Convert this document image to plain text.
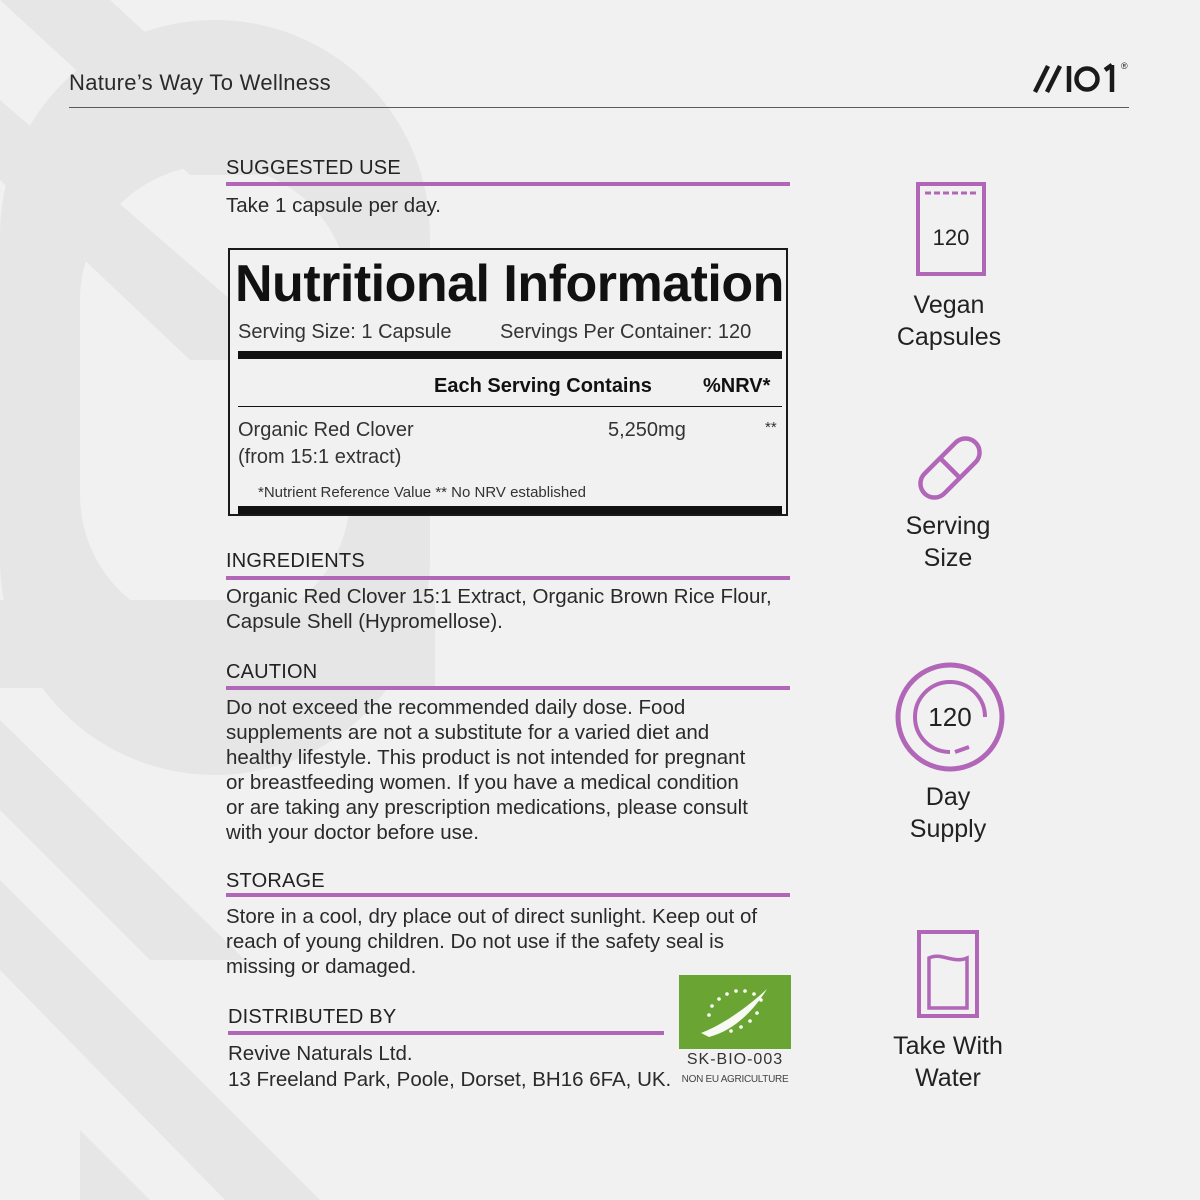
Nature’s Way To Wellness
®
SUGGESTED USE
Take 1 capsule per day.
Nutritional Information
Serving Size: 1 Capsule Servings Per Container: 120
Each Serving Contains	%NRV*
Organic Red Clover
(from 15:1 extract)
5,250mg	**
*Nutrient Reference Value ** No NRV established
INGREDIENTS
Organic Red Clover 15:1 Extract, Organic Brown Rice Flour,
Capsule Shell (Hypromellose).
CAUTION
Do not exceed the recommended daily dose. Food
supplements are not a substitute for a varied diet and
healthy lifestyle. This product is not intended for pregnant
or breastfeeding women. If you have a medical condition
or are taking any prescription medications, please consult
with your doctor before use.
STORAGE
Store in a cool, dry place out of direct sunlight. Keep out of
reach of young children. Do not use if the safety seal is
missing or damaged.
DISTRIBUTED BY
Revive Naturals Ltd.
13 Freeland Park, Poole, Dorset, BH16 6FA, UK.
SK-BIO-003
NON EU AGRICULTURE
120
Vegan
Capsules
Serving
Size
120
Day
Supply
Take With
Water
